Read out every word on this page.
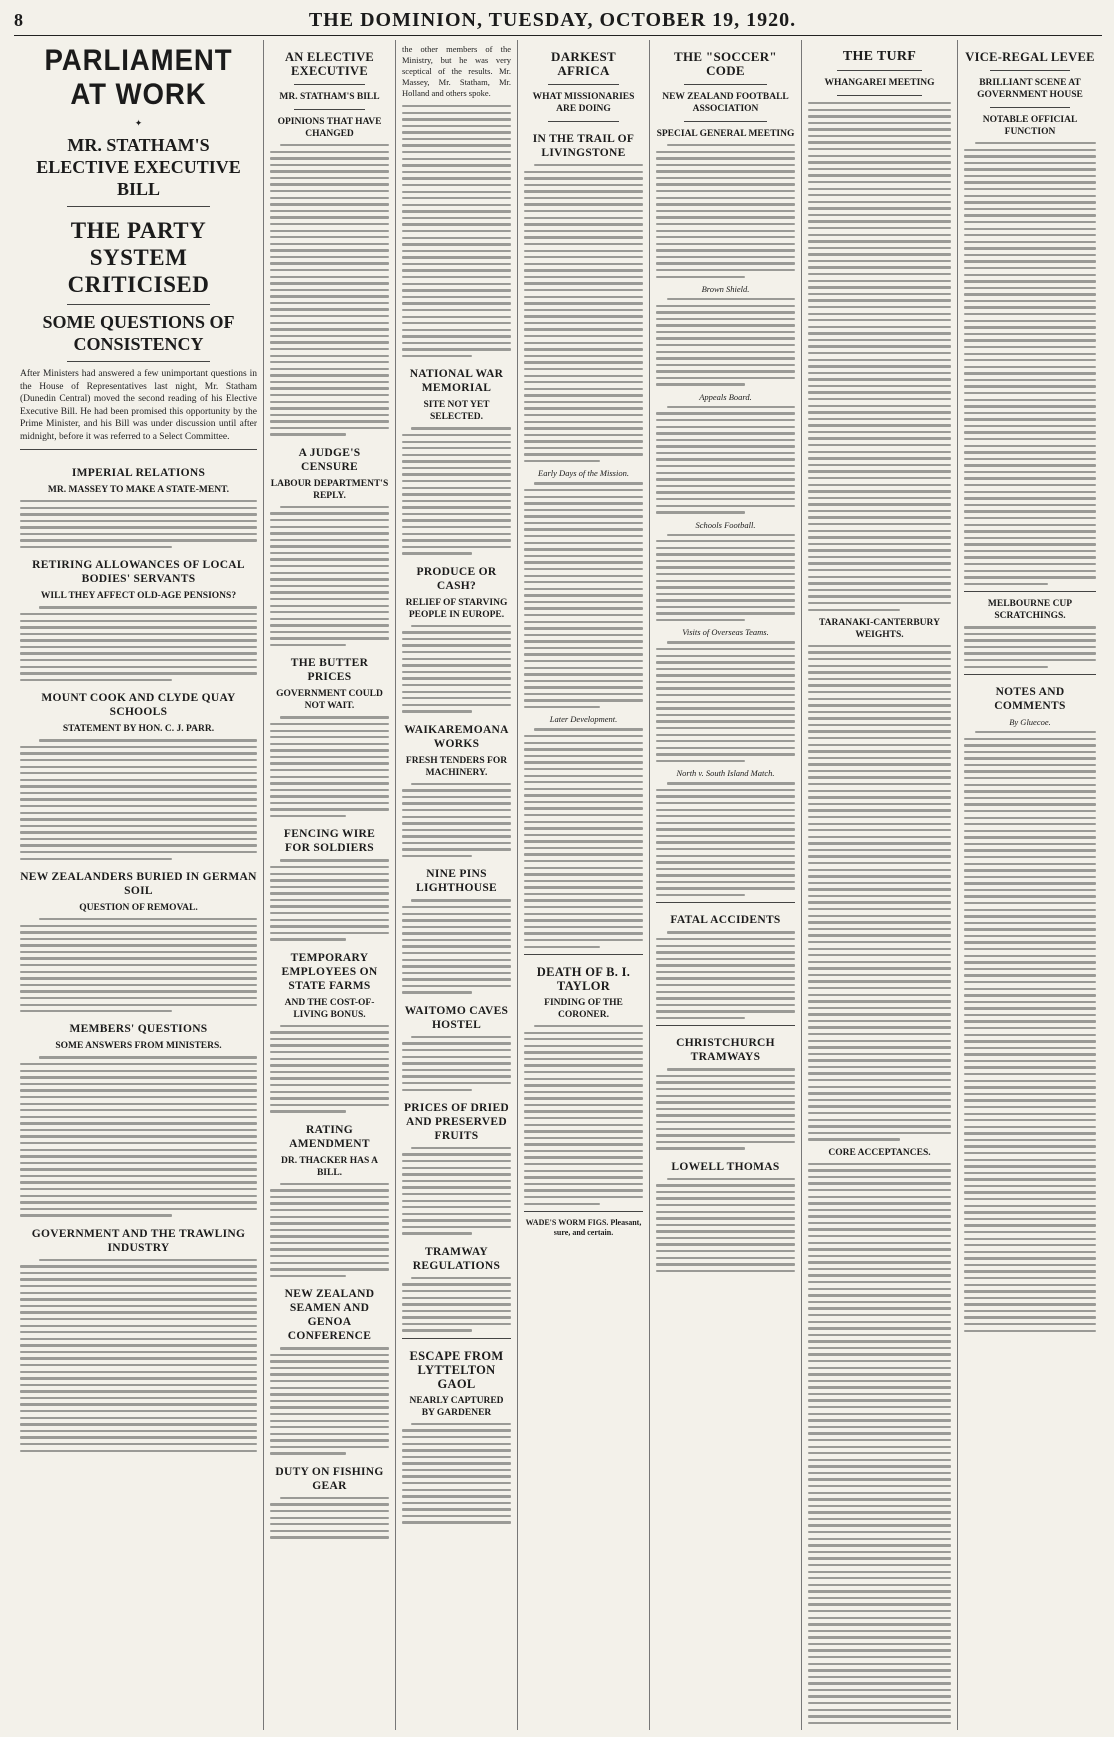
8	THE DOMINION, TUESDAY, OCTOBER 19, 1920.
PARLIAMENT AT WORK
✦
MR. STATHAM'S ELECTIVE EXECUTIVE BILL
THE PARTY SYSTEM CRITICISED
SOME QUESTIONS OF CONSISTENCY

After Ministers had answered a few unimportant questions in the House of Representatives last night, Mr. Statham (Dunedin Central) moved the second reading of his Elective Executive Bill. He had been promised this opportunity by the Prime Minister, and his Bill was under discussion until after midnight, before it was referred to a Select Committee.

IMPERIAL RELATIONS
MR. MASSEY TO MAKE A STATE-MENT.
RETIRING ALLOWANCES OF LOCAL BODIES' SERVANTS
WILL THEY AFFECT OLD-AGE PENSIONS?
MOUNT COOK AND CLYDE QUAY SCHOOLS
STATEMENT BY HON. C. J. PARR.
NEW ZEALANDERS BURIED IN GERMAN SOIL
QUESTION OF REMOVAL.
MEMBERS' QUESTIONS
SOME ANSWERS FROM MINISTERS.
GOVERNMENT AND THE TRAWLING INDUSTRY
AN ELECTIVE EXECUTIVE
MR. STATHAM'S BILL
OPINIONS THAT HAVE CHANGED
A JUDGE'S CENSURE
LABOUR DEPARTMENT'S REPLY.
THE BUTTER PRICES
GOVERNMENT COULD NOT WAIT.
FENCING WIRE FOR SOLDIERS
TEMPORARY EMPLOYEES ON STATE FARMS
AND THE COST-OF-LIVING BONUS.
RATING AMENDMENT
DR. THACKER HAS A BILL.
NEW ZEALAND SEAMEN AND GENOA CONFERENCE
DUTY ON FISHING GEAR

the other members of the Ministry, but he was very sceptical of the results. Mr. Massey, Mr. Statham, Mr. Holland and others spoke.

NATIONAL WAR MEMORIAL
SITE NOT YET SELECTED.
PRODUCE OR CASH?
RELIEF OF STARVING PEOPLE IN EUROPE.
WAIKAREMOANA WORKS
FRESH TENDERS FOR MACHINERY.
NINE PINS LIGHTHOUSE
WAITOMO CAVES HOSTEL
PRICES OF DRIED AND PRESERVED FRUITS
TRAMWAY REGULATIONS
ESCAPE FROM LYTTELTON GAOL
NEARLY CAPTURED BY GARDENER
DARKEST AFRICA
WHAT MISSIONARIES ARE DOING
IN THE TRAIL OF LIVINGSTONE
Early Days of the Mission.
Later Development.
DEATH OF B. I. TAYLOR
FINDING OF THE CORONER.
WADE'S WORM FIGS. Pleasant, sure, and certain.
THE "SOCCER" CODE
NEW ZEALAND FOOTBALL ASSOCIATION
SPECIAL GENERAL MEETING
Brown Shield.
Appeals Board.
Schools Football.
Visits of Overseas Teams.
North v. South Island Match.
FATAL ACCIDENTS
CHRISTCHURCH TRAMWAYS
LOWELL THOMAS
THE TURF
WHANGAREI MEETING
TARANAKI-CANTERBURY WEIGHTS.
CORE ACCEPTANCES.
VICE-REGAL LEVEE
BRILLIANT SCENE AT GOVERNMENT HOUSE
NOTABLE OFFICIAL FUNCTION
MELBOURNE CUP SCRATCHINGS.
NOTES AND COMMENTS
By Gluecoe.
